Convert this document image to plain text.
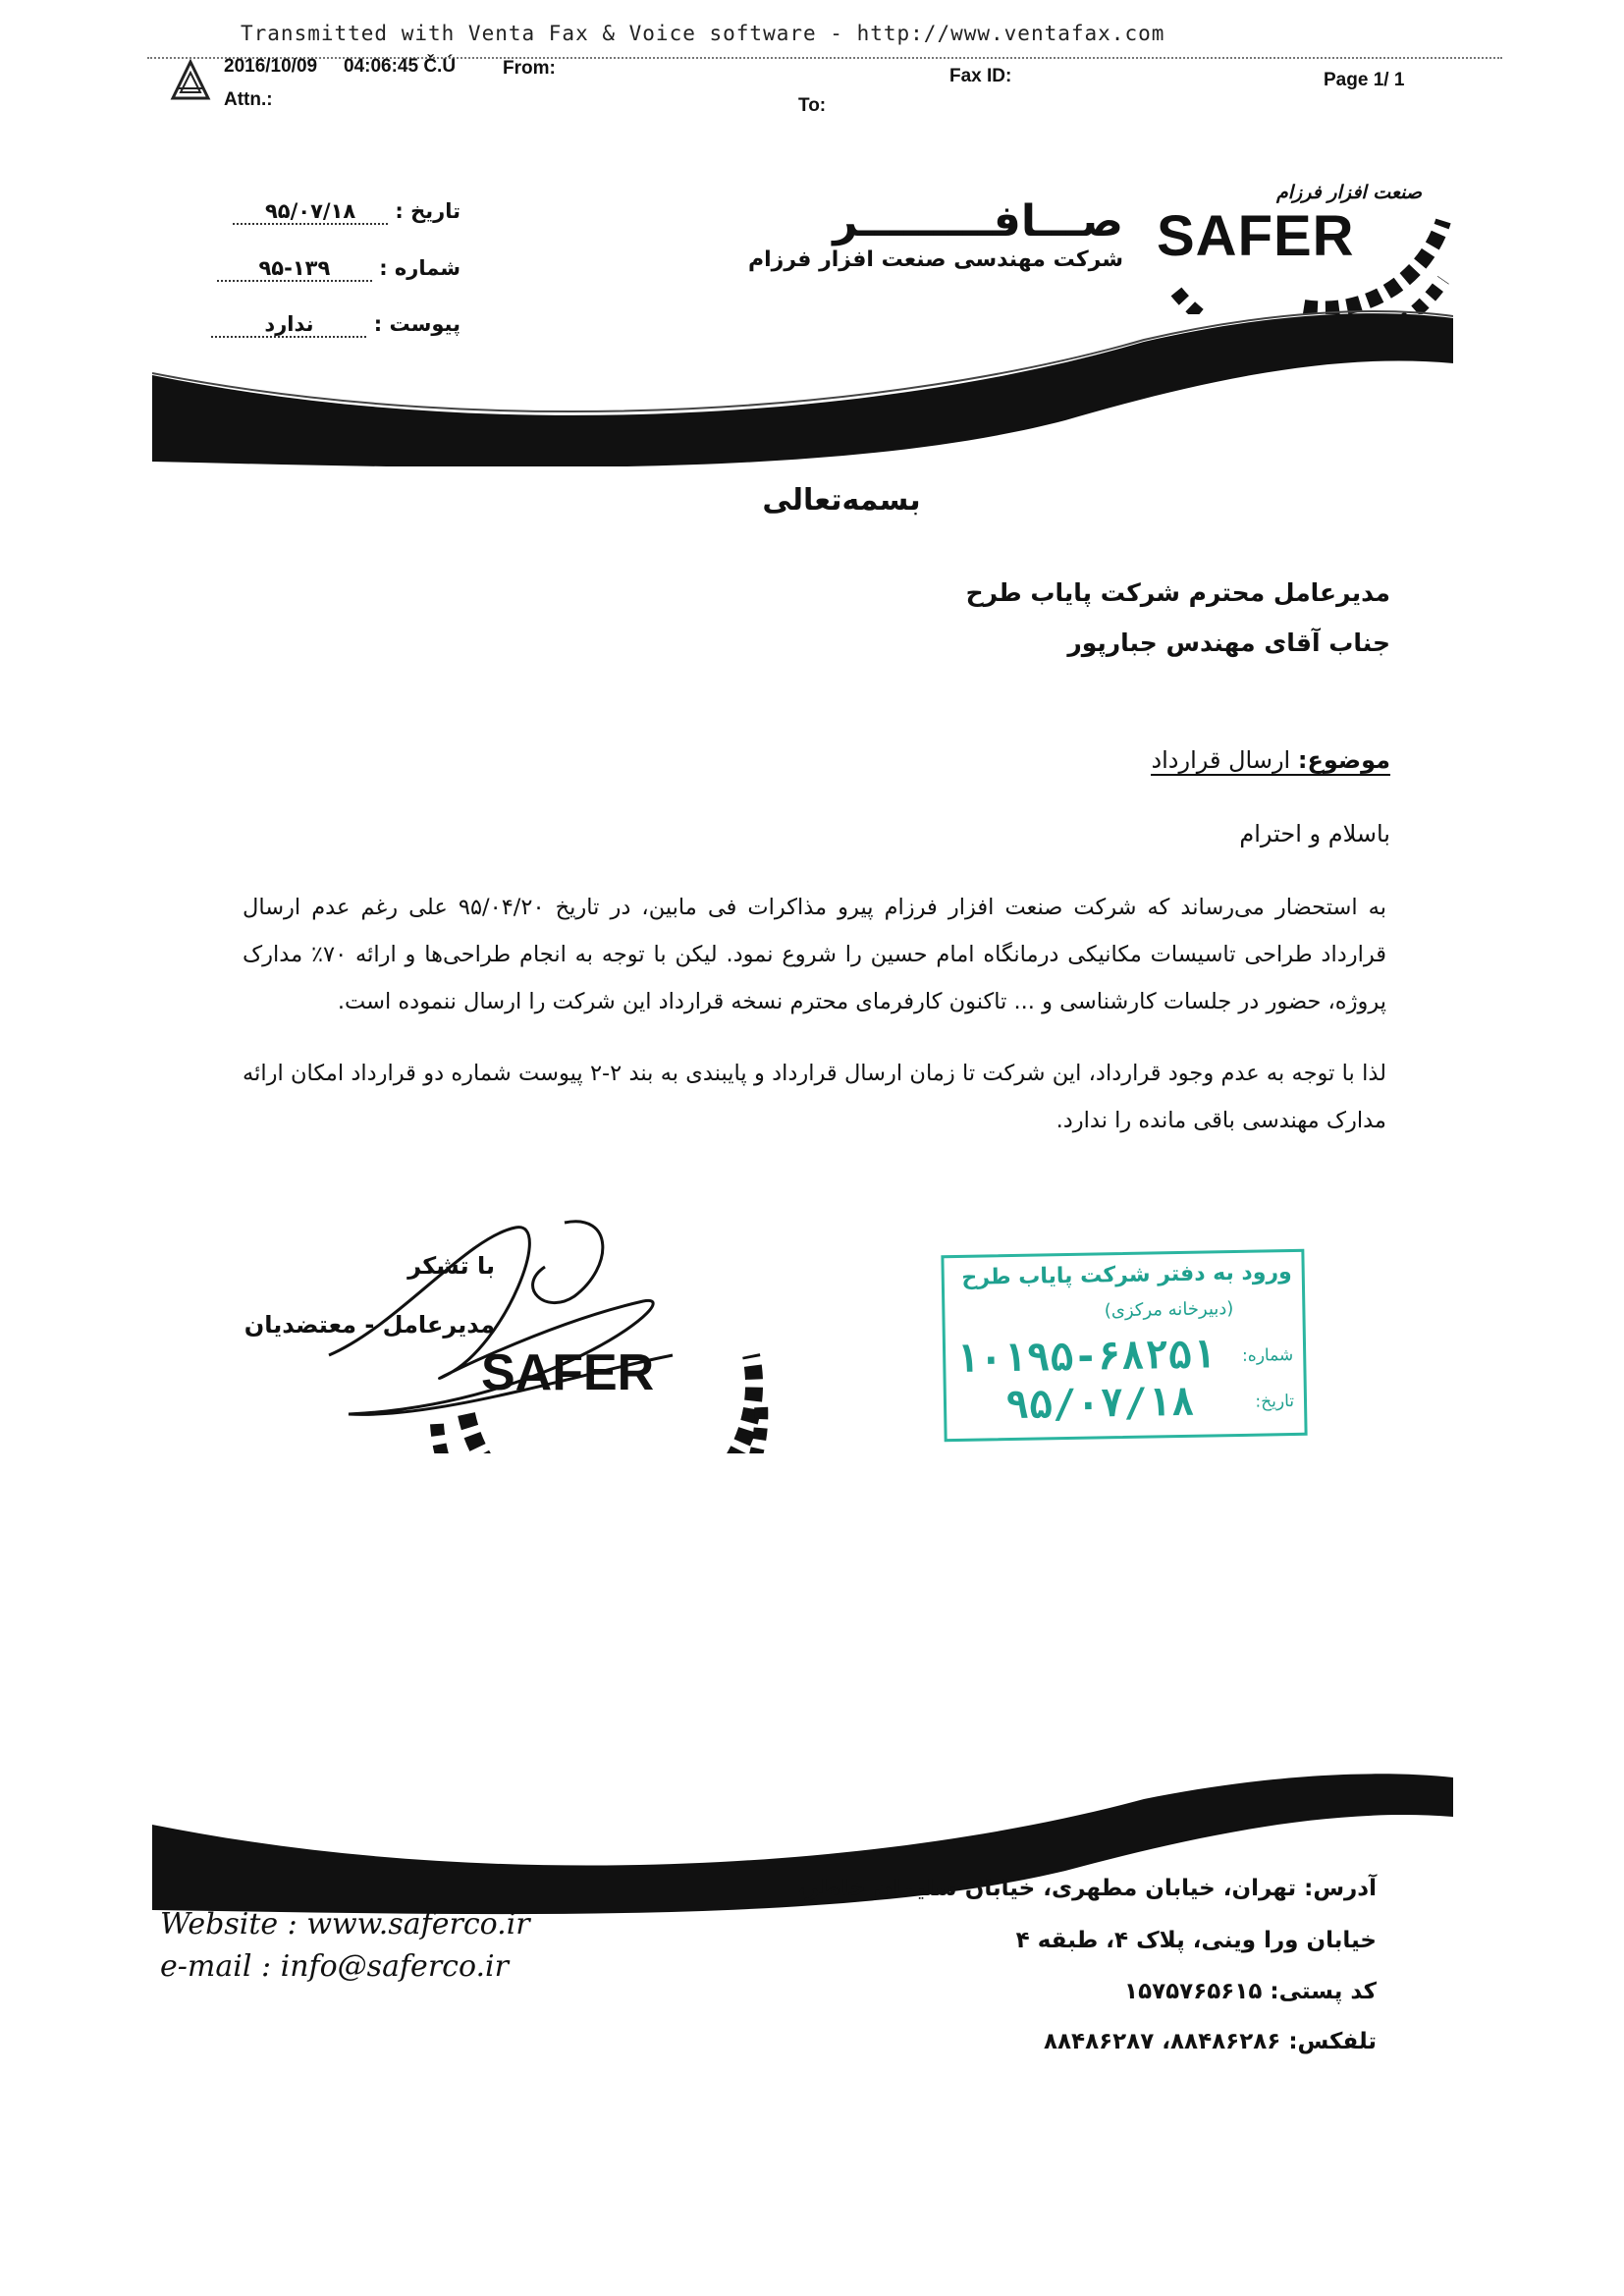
Transmitted with Venta Fax & Voice software - http://www.ventafax.com
2016/10/09 04:06:45 Č.Ú	From:	Fax ID:	Page 1/ 1
Attn.:	To:
تاریخ : ۹۵/۰۷/۱۸
شماره : ۹۵-۱۳۹
پیوست : ندارد
صـــافـــــــــر
شرکت مهندسی صنعت افزار فرزام
صنعت افزار فرزام
SAFER
بسمه‌تعالی
مدیرعامل محترم شرکت پایاب طرح
جناب آقای مهندس جبارپور
موضوع: ارسال قرارداد
باسلام و احترام
به استحضار می‌رساند که شرکت صنعت افزار فرزام پیرو مذاکرات فی مابین، در تاریخ ۹۵/۰۴/۲۰ علی رغم عدم ارسال قرارداد طراحی تاسیسات مکانیکی درمانگاه امام حسین را شروع نمود. لیکن با توجه به انجام طراحی‌ها و ارائه ۷۰٪ مدارک پروژه، حضور در جلسات کارشناسی و ... تاکنون کارفرمای محترم نسخه قرارداد این شرکت را ارسال ننموده است.
لذا با توجه به عدم وجود قرارداد، این شرکت تا زمان ارسال قرارداد و پایبندی به بند ۲-۲ پیوست شماره دو قرارداد امکان ارائه مدارک مهندسی باقی مانده را ندارد.
با تشکر
مدیرعامل - معتضدیان
SAFER
ورود به دفتر شرکت پایاب طرح
(دبیرخانه مرکزی)
شماره:
۱۰۱۹۵-۶۸۲۵۱
تاریخ:
۹۵/۰۷/۱۸
Website : www.saferco.ir
e-mail : info@saferco.ir
آدرس: تهران، خیابان مطهری، خیابان سلیمان خاطر،
خیابان ورا وینی، پلاک ۴، طبقه ۴
کد پستی: ۱۵۷۵۷۶۵۶۱۵
تلفکس: ۸۸۴۸۶۲۸۶، ۸۸۴۸۶۲۸۷
